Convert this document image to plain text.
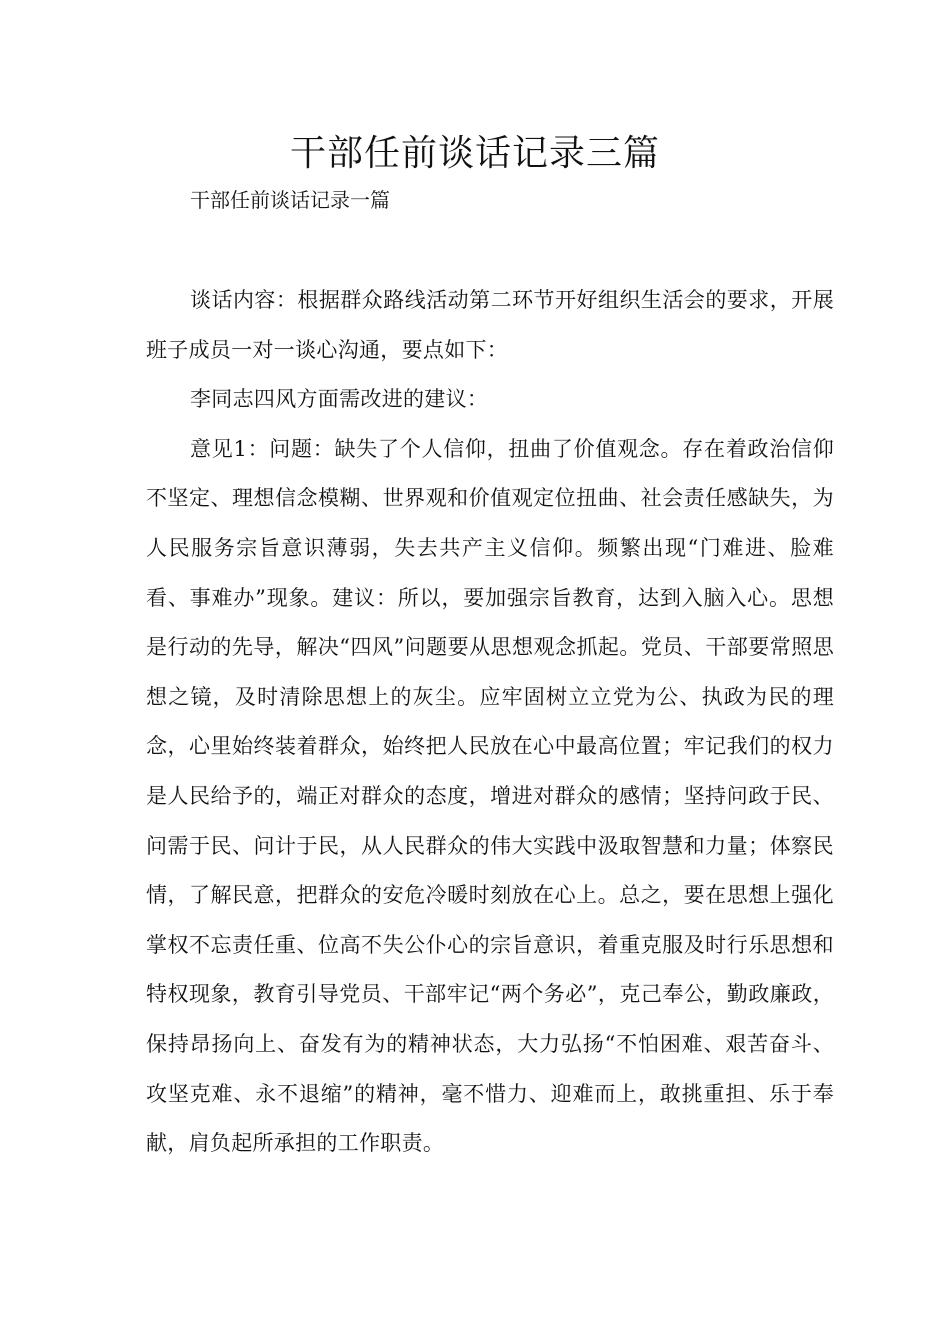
干部任前谈话记录三篇

干部任前谈话记录一篇

谈话内容：根据群众路线活动第二环节开好组织生活会的要求，开展班子成员一对一谈心沟通，要点如下：

李同志四风方面需改进的建议：

意见1：问题：缺失了个人信仰，扭曲了价值观念。存在着政治信仰不坚定、理想信念模糊、世界观和价值观定位扭曲、社会责任感缺失，为人民服务宗旨意识薄弱，失去共产主义信仰。频繁出现“门难进、脸难看、事难办”现象。建议：所以，要加强宗旨教育，达到入脑入心。思想是行动的先导，解决“四风”问题要从思想观念抓起。党员、干部要常照思想之镜，及时清除思想上的灰尘。应牢固树立立党为公、执政为民的理念，心里始终装着群众，始终把人民放在心中最高位置；牢记我们的权力是人民给予的，端正对群众的态度，增进对群众的感情；坚持问政于民、问需于民、问计于民，从人民群众的伟大实践中汲取智慧和力量；体察民情，了解民意，把群众的安危冷暖时刻放在心上。总之，要在思想上强化掌权不忘责任重、位高不失公仆心的宗旨意识，着重克服及时行乐思想和特权现象，教育引导党员、干部牢记“两个务必”，克己奉公，勤政廉政，保持昂扬向上、奋发有为的精神状态，大力弘扬“不怕困难、艰苦奋斗、攻坚克难、永不退缩”的精神，毫不惜力、迎难而上，敢挑重担、乐于奉献，肩负起所承担的工作职责。
